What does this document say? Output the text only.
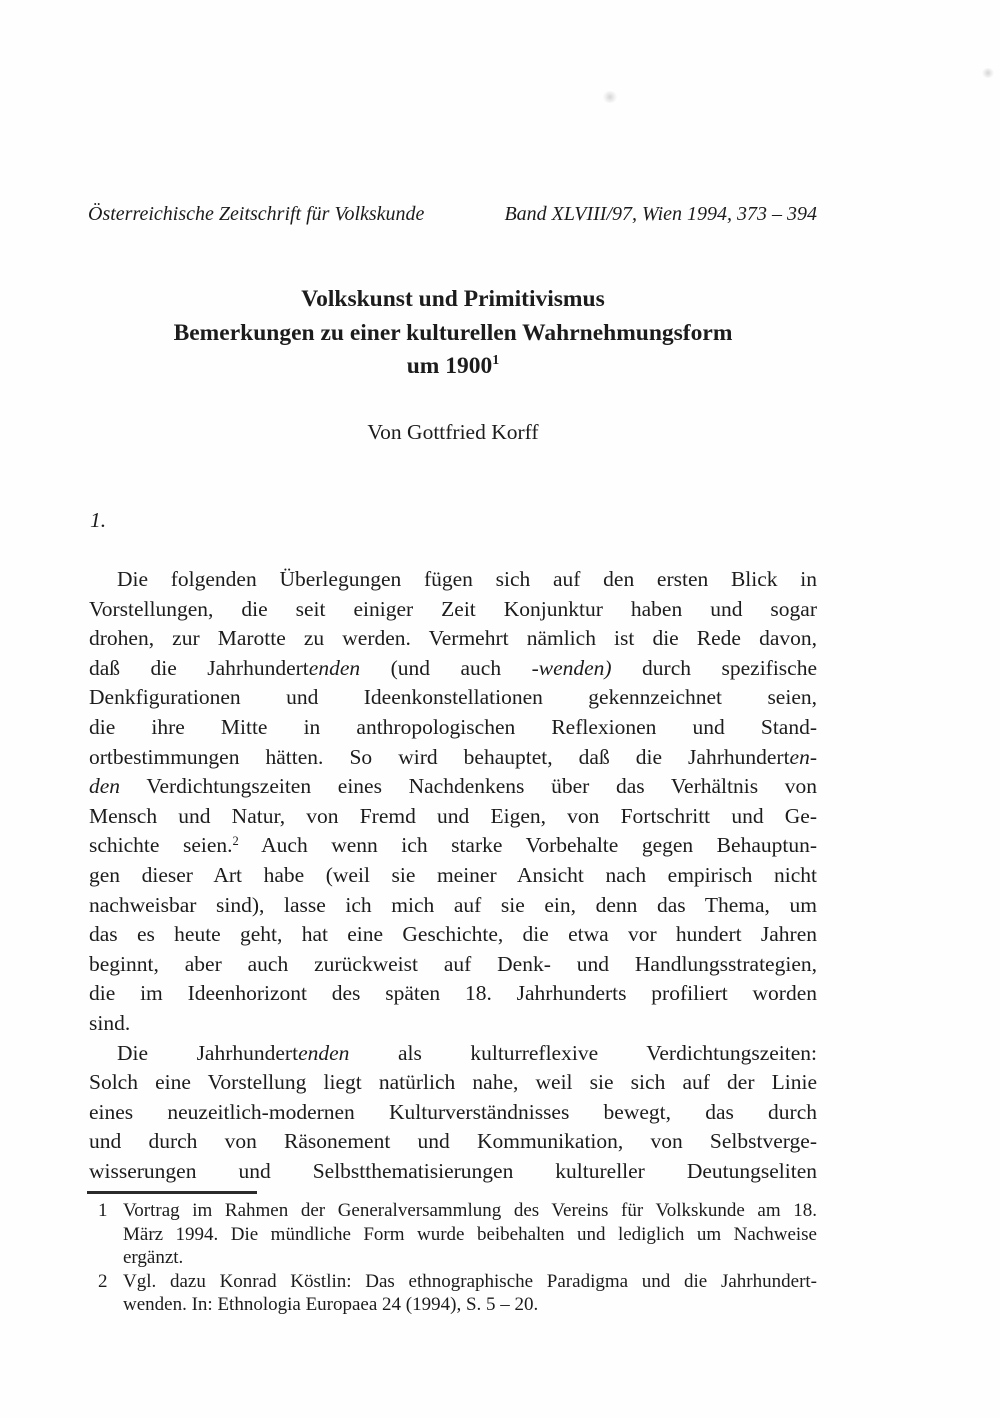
Österreichische Zeitschrift für Volkskunde	Band XLVIII/97, Wien 1994, 373 – 394
Volkskunst und Primitivismus
Bemerkungen zu einer kulturellen Wahrnehmungsform
um 1900$^1$
Von Gottfried Korff
1.
Die folgenden Überlegungen fügen sich auf den ersten Blick in
Vorstellungen, die seit einiger Zeit Konjunktur haben und sogar
drohen, zur Marotte zu werden. Vermehrt nämlich ist die Rede davon,
daß die Jahrhundertenden (und auch -wenden) durch spezifische
Denkfigurationen und Ideenkonstellationen gekennzeichnet seien,
die ihre Mitte in anthropologischen Reflexionen und Stand-
ortbestimmungen hätten. So wird behauptet, daß die Jahrhunderten-
den Verdichtungszeiten eines Nachdenkens über das Verhältnis von
Mensch und Natur, von Fremd und Eigen, von Fortschritt und Ge-
schichte seien.$^2$ Auch wenn ich starke Vorbehalte gegen Behauptun-
gen dieser Art habe (weil sie meiner Ansicht nach empirisch nicht
nachweisbar sind), lasse ich mich auf sie ein, denn das Thema, um
das es heute geht, hat eine Geschichte, die etwa vor hundert Jahren
beginnt, aber auch zurückweist auf Denk- und Handlungsstrategien,
die im Ideenhorizont des späten 18. Jahrhunderts profiliert worden
sind.
Die Jahrhundertenden als kulturreflexive Verdichtungszeiten:
Solch eine Vorstellung liegt natürlich nahe, weil sie sich auf der Linie
eines neuzeitlich-modernen Kulturverständnisses bewegt, das durch
und durch von Räsonement und Kommunikation, von Selbstverge-
wisserungen und Selbstthematisierungen kultureller Deutungseliten
1 Vortrag im Rahmen der Generalversammlung des Vereins für Volkskunde am 18.
März 1994. Die mündliche Form wurde beibehalten und lediglich um Nachweise
ergänzt.
2 Vgl. dazu Konrad Köstlin: Das ethnographische Paradigma und die Jahrhundert-
wenden. In: Ethnologia Europaea 24 (1994), S. 5 – 20.
